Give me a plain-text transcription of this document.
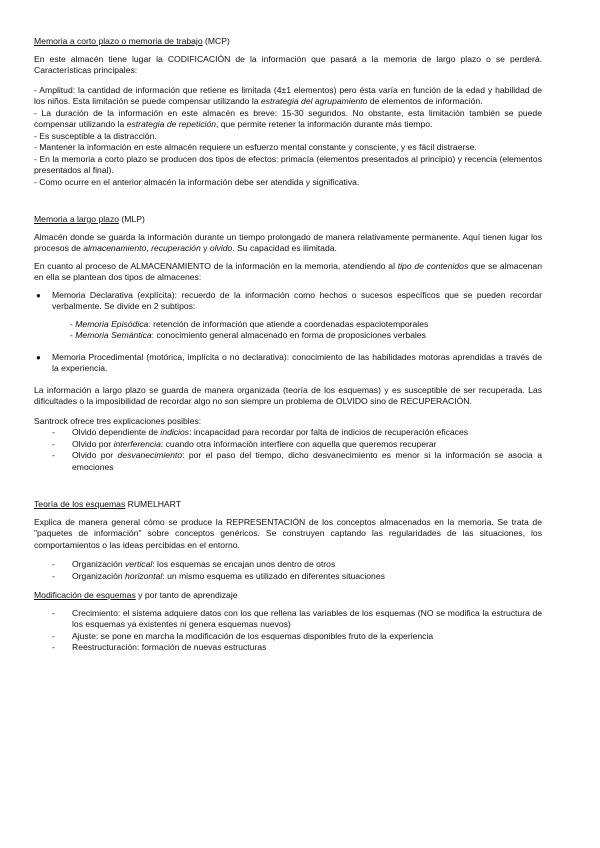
Memoria a corto plazo o memoria de trabajo (MCP)

En este almacén tiene lugar la CODIFICACIÓN de la información que pasará a la memoria de largo plazo o se perderá. Características principales:

- Amplitud: la cantidad de información que retiene es limitada (4±1 elementos) pero ésta varía en función de la edad y habilidad de los niños. Esta limitación se puede compensar utilizando la estrategia del agrupamiento de elementos de información.

- La duración de la información en este almacén es breve: 15-30 segundos. No obstante, esta limitación también se puede compensar utilizando la estrategia de repetición, que permite retener la información durante más tiempo.

- Es susceptible a la distracción.

- Mantener la información en este almacén requiere un esfuerzo mental constante y consciente, y es fácil distraerse.

- En la memoria a corto plazo se producen dos tipos de efectos: primacía (elementos presentados al principio) y recencia (elementos presentados al final).

- Como ocurre en el anterior almacén la información debe ser atendida y significativa.

Memoria a largo plazo (MLP)

Almacén donde se guarda la información durante un tiempo prolongado de manera relativamente permanente. Aquí tienen lugar los procesos de almacenamiento, recuperación y olvido. Su capacidad es ilimitada.

En cuanto al proceso de ALMACENAMIENTO de la información en la memoria, atendiendo al tipo de contenidos que se almacenan en ella se plantean dos tipos de almacenes:

● Memoria Declarativa (explícita): recuerdo de la información como hechos o sucesos específicos que se pueden recordar verbalmente. Se divide en 2 subtipos:

- Memoria Episódica: retención de información que atiende a coordenadas espaciotemporales

- Memoria Semántica: conocimiento general almacenado en forma de proposiciones verbales

● Memoria Procedimental (motórica, implícita o no declarativa): conocimiento de las habilidades motoras aprendidas a través de la experiencia.

La información a largo plazo se guarda de manera organizada (teoría de los esquemas) y es susceptible de ser recuperada. Las dificultades o la imposibilidad de recordar algo no son siempre un problema de OLVIDO sino de RECUPERACIÓN.

Santrock ofrece tres explicaciones posibles:

- Olvido dependiente de indicios: incapacidad para recordar por falta de indicios de recuperación eficaces
- Olvido por interferencia: cuando otra información interfiere con aquella que queremos recuperar
- Olvido por desvanecimiento: por el paso del tiempo, dicho desvanecimiento es menor si la información se asocia a emociones

Teoría de los esquemas RUMELHART

Explica de manera general cómo se produce la REPRESENTACIÓN de los conceptos almacenados en la memoria. Se trata de "paquetes de información" sobre conceptos genéricos. Se construyen captando las regularidades de las situaciones, los comportamientos o las ideas percibidas en el entorno.

- Organización vertical: los esquemas se encajan unos dentro de otros
- Organización horizontal: un mismo esquema es utilizado en diferentes situaciones

Modificación de esquemas y por tanto de aprendizaje

- Crecimiento: el sistema adquiere datos con los que rellena las variables de los esquemas (NO se modifica la estructura de los esquemas ya existentes ni genera esquemas nuevos)
- Ajuste: se pone en marcha la modificación de los esquemas disponibles fruto de la experiencia
- Reestructuración: formación de nuevas estructuras
